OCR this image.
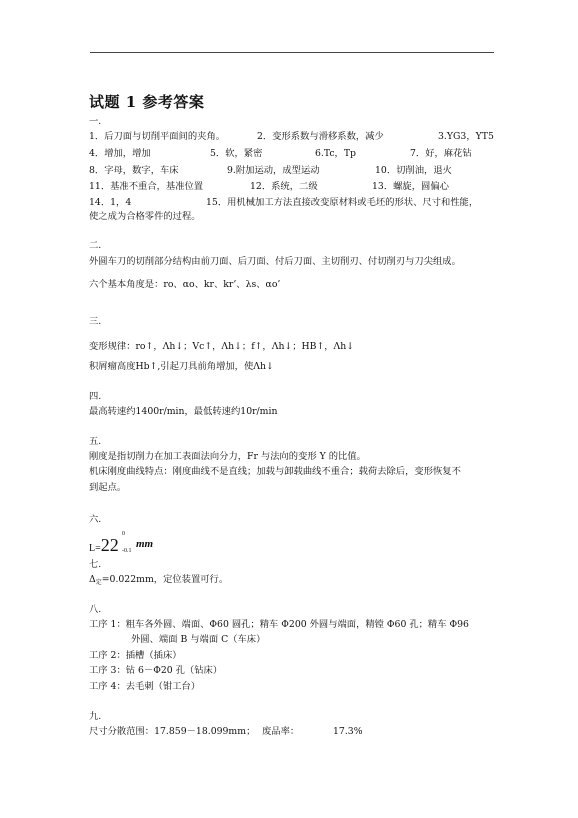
试题 1 参考答案
一.
1．后刀面与切削平面间的夹角。	2．变形系数与滑移系数，减少	3.YG3，YT5
4．增加，增加	5．软，紧密	6.Tc，Tp	7．好，麻花钻
8．字母，数字，车床	9.附加运动，成型运动	10．切削油，退火
11．基准不重合，基准位置	12．系统，二级	13．螺旋，圆偏心
14．1，4	15．用机械加工方法直接改变原材料或毛坯的形状、尺寸和性能，
使之成为合格零件的过程。
二.
外圆车刀的切削部分结构由前刀面、后刀面、付后刀面、主切削刃、付切削刃与刀尖组成。
六个基本角度是：ro、αo、kr、kr’、λs、αo’
三.
变形规律：ro↑，Λh↓；Vc↑，Λh↓；f↑，Λh↓；HB↑，Λh↓
积屑瘤高度Hb↑,引起刀具前角增加，使Λh↓
四.
最高转速约1400r/min，最低转速约10r/min
五.
刚度是指切削力在加工表面法向分力，Fr 与法向的变形 Y 的比值。
机床刚度曲线特点：刚度曲线不是直线；加载与卸载曲线不重合；载荷去除后，变形恢复不
到起点。
六.
L=22
0
-0.1
mm
七.
$\Delta_定=0.022mm$，定位装置可行。
八.
工序 1：粗车各外圆、端面、Φ60 圆孔；精车 Φ200 外圆与端面，精镗 Φ60 孔；精车 Φ96
外圆、端面 B 与端面 C（车床）
工序 2：插槽（插床）
工序 3：钻 6－Φ20 孔（钻床）
工序 4：去毛刺（钳工台）
九.
尺寸分散范围：17.859－18.099mm； 废品率：	17.3%
